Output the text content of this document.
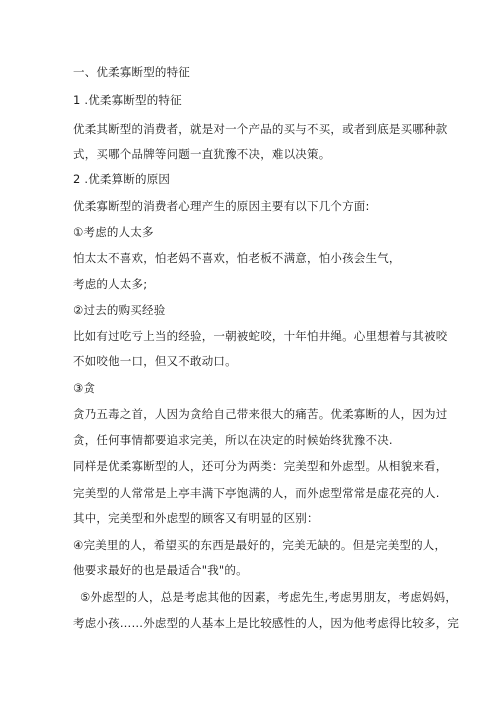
一、优柔寡断型的特征
1 .优柔寡断型的特征
优柔其断型的消费者，就是对一个产品的买与不买，或者到底是买哪种款
式，买哪个品牌等问题一直犹豫不决，难以决策。
2 .优柔算断的原因
优柔寡断型的消费者心理产生的原因主要有以下几个方面:
①考虑的人太多
怕太太不喜欢，怕老妈不喜欢，怕老板不满意，怕小孩会生气，
考虑的人太多;
②过去的购买经验
比如有过吃亏上当的经验，一朝被蛇咬，十年怕井绳。心里想着与其被咬
不如咬他一口，但又不敢动口。
③贪
贪乃五毒之首，人因为贪给自己带来很大的痛苦。优柔寡断的人，因为过
贪，任何事情都要追求完美，所以在决定的时候始终犹豫不决.
同样是优柔寡断型的人，还可分为两类：完美型和外虑型。从相貌来看，
完美型的人常常是上亭丰满下亭饱满的人，而外虑型常常是虚花亮的人.
其中，完美型和外虑型的顾客又有明显的区别：
④完美里的人，希望买的东西是最好的，完美无缺的。但是完美型的人，
他要求最好的也是最适合"我"的。
⑤外虑型的人，总是考虑其他的因素，考虑先生,考虑男朋友，考虑妈妈，
考虑小孩……外虑型的人基本上是比较感性的人，因为他考虑得比较多，完
